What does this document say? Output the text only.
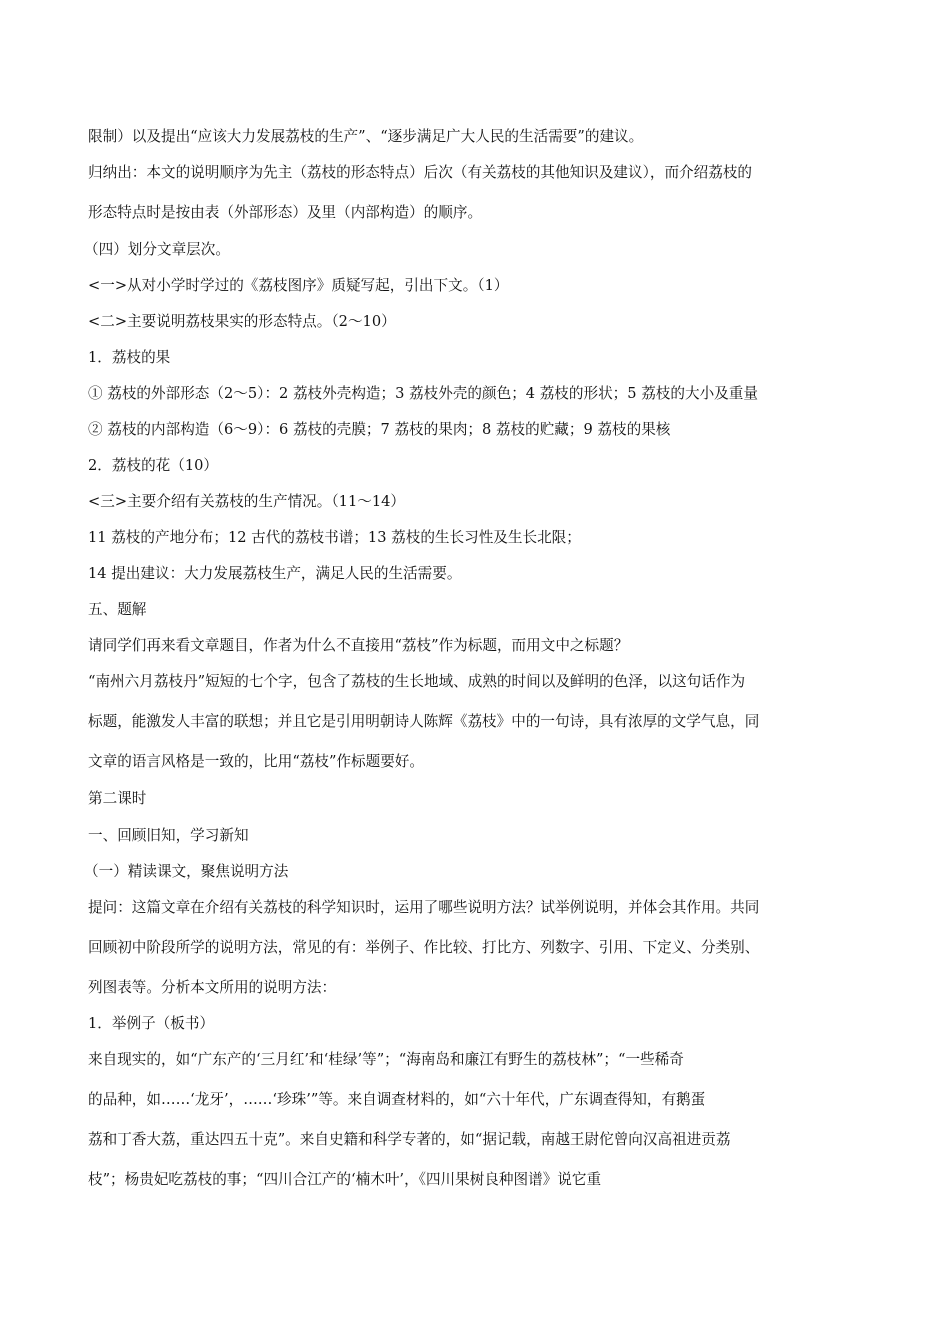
限制）以及提出“应该大力发展荔枝的生产”、“逐步满足广大人民的生活需要”的建议。
归纳出：本文的说明顺序为先主（荔枝的形态特点）后次（有关荔枝的其他知识及建议），而介绍荔枝的
形态特点时是按由表（外部形态）及里（内部构造）的顺序。
（四）划分文章层次。
<一>从对小学时学过的《荔枝图序》质疑写起，引出下文。（1）
<二>主要说明荔枝果实的形态特点。（2～10）
1．荔枝的果
① 荔枝的外部形态（2～5）：2 荔枝外壳构造；3 荔枝外壳的颜色；4 荔枝的形状；5 荔枝的大小及重量
② 荔枝的内部构造（6～9）：6 荔枝的壳膜；7 荔枝的果肉；8 荔枝的贮藏；9 荔枝的果核
2．荔枝的花（10）
<三>主要介绍有关荔枝的生产情况。（11～14）
11 荔枝的产地分布；12 古代的荔枝书谱；13 荔枝的生长习性及生长北限；
14 提出建议：大力发展荔枝生产，满足人民的生活需要。
五、题解
请同学们再来看文章题目，作者为什么不直接用“荔枝”作为标题，而用文中之标题？
“南州六月荔枝丹”短短的七个字，包含了荔枝的生长地域、成熟的时间以及鲜明的色泽，以这句话作为
标题，能激发人丰富的联想；并且它是引用明朝诗人陈辉《荔枝》中的一句诗，具有浓厚的文学气息，同
文章的语言风格是一致的，比用“荔枝”作标题要好。
第二课时
一、回顾旧知，学习新知
（一）精读课文，聚焦说明方法
提问：这篇文章在介绍有关荔枝的科学知识时，运用了哪些说明方法？试举例说明，并体会其作用。共同
回顾初中阶段所学的说明方法，常见的有：举例子、作比较、打比方、列数字、引用、下定义、分类别、
列图表等。分析本文所用的说明方法：
1．举例子（板书）
来自现实的，如“广东产的‘三月红’和‘桂绿’等”；“海南岛和廉江有野生的荔枝林”；“一些稀奇
的品种，如……‘龙牙’，……‘珍珠’”等。来自调查材料的，如“六十年代，广东调查得知，有鹅蛋
荔和丁香大荔，重达四五十克”。来自史籍和科学专著的，如“据记载，南越王尉佗曾向汉高祖进贡荔
枝”；杨贵妃吃荔枝的事；“四川合江产的‘楠木叶’，《四川果树良种图谱》说它重
